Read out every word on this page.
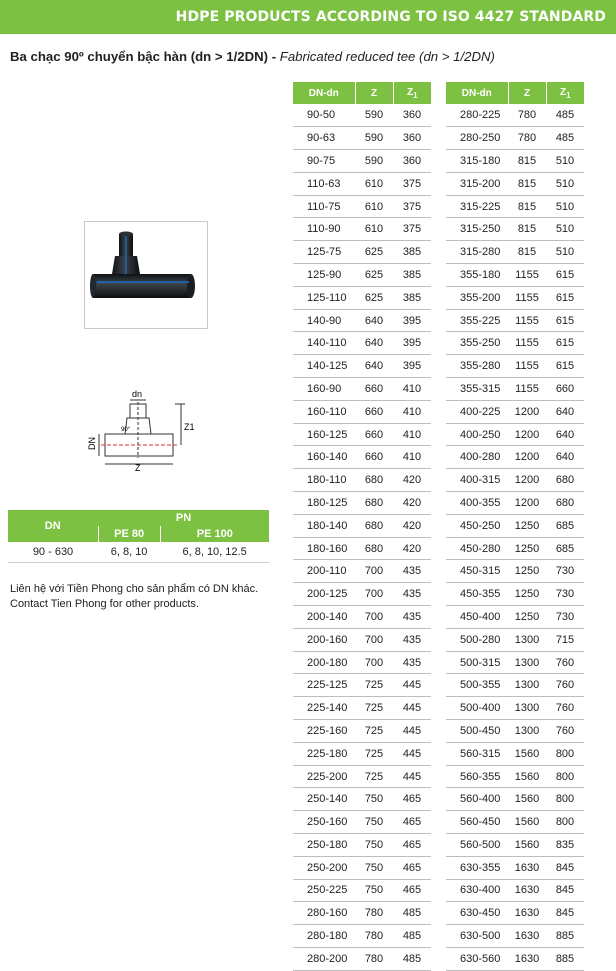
HDPE PRODUCTS ACCORDING TO ISO 4427 STANDARD
Ba chạc 90º chuyển bậc hàn (dn > 1/2DN) - Fabricated reduced tee (dn > 1/2DN)
dn
DN
Z
Z1
90°
DN	PN	
	PE 80	PE 100
90 - 630	6, 8, 10	6, 8, 10, 12.5
Liên hệ với Tiền Phong cho sản phẩm có DN khác.
Contact Tien Phong for other products.
DN-dn	Z	$Z_1$
90-50	590	360
90-63	590	360
90-75	590	360
110-63	610	375
110-75	610	375
110-90	610	375
125-75	625	385
125-90	625	385
125-110	625	385
140-90	640	395
140-110	640	395
140-125	640	395
160-90	660	410
160-110	660	410
160-125	660	410
160-140	660	410
180-110	680	420
180-125	680	420
180-140	680	420
180-160	680	420
200-110	700	435
200-125	700	435
200-140	700	435
200-160	700	435
200-180	700	435
225-125	725	445
225-140	725	445
225-160	725	445
225-180	725	445
225-200	725	445
250-140	750	465
250-160	750	465
250-180	750	465
250-200	750	465
250-225	750	465
280-160	780	485
280-180	780	485
280-200	780	485
DN-dn	Z	$Z_1$
280-225	780	485
280-250	780	485
315-180	815	510
315-200	815	510
315-225	815	510
315-250	815	510
315-280	815	510
355-180	1155	615
355-200	1155	615
355-225	1155	615
355-250	1155	615
355-280	1155	615
355-315	1155	660
400-225	1200	640
400-250	1200	640
400-280	1200	640
400-315	1200	680
400-355	1200	680
450-250	1250	685
450-280	1250	685
450-315	1250	730
450-355	1250	730
450-400	1250	730
500-280	1300	715
500-315	1300	760
500-355	1300	760
500-400	1300	760
500-450	1300	760
560-315	1560	800
560-355	1560	800
560-400	1560	800
560-450	1560	800
560-500	1560	835
630-355	1630	845
630-400	1630	845
630-450	1630	845
630-500	1630	885
630-560	1630	885
